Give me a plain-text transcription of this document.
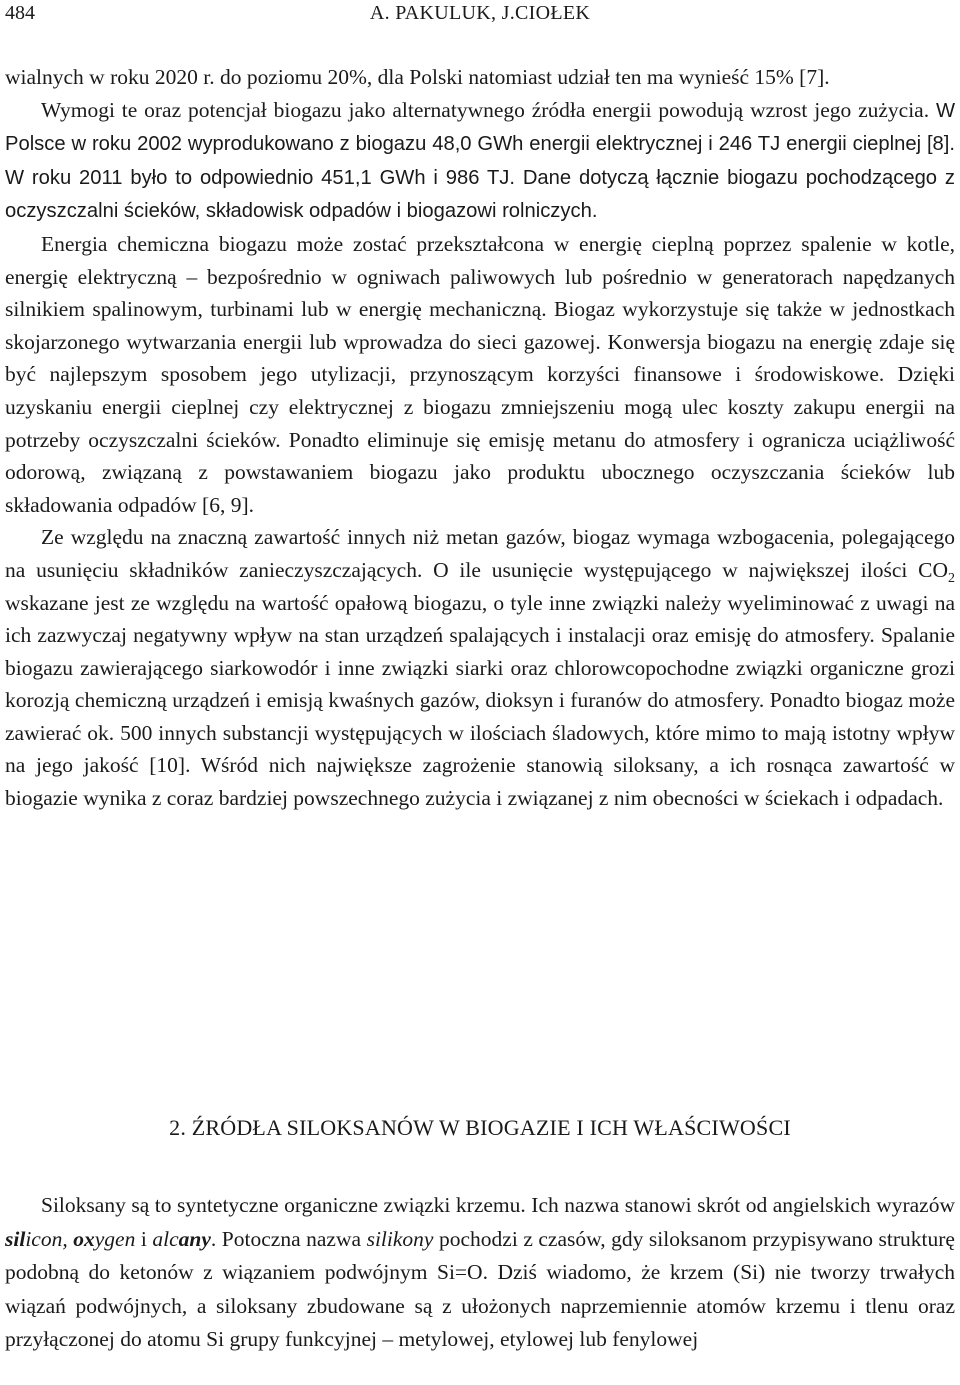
484	A. PAKULUK, J.CIOŁEK

wialnych w roku 2020 r. do poziomu 20%, dla Polski natomiast udział ten ma wynieść 15% [7].

Wymogi te oraz potencjał biogazu jako alternatywnego źródła energii powodują wzrost jego zużycia. W Polsce w roku 2002 wyprodukowano z biogazu 48,0 GWh energii elektrycznej i 246 TJ energii cieplnej [8]. W roku 2011 było to odpowiednio 451,1 GWh i 986 TJ. Dane dotyczą łącznie biogazu pochodzącego z oczyszczalni ścieków, składowisk odpadów i biogazowi rolniczych.

Energia chemiczna biogazu może zostać przekształcona w energię cieplną poprzez spalenie w kotle, energię elektryczną – bezpośrednio w ogniwach paliwowych lub pośrednio w generatorach napędzanych silnikiem spalinowym, turbinami lub w energię mechaniczną. Biogaz wykorzystuje się także w jednostkach skojarzonego wytwarzania energii lub wprowadza do sieci gazowej. Konwersja biogazu na energię zdaje się być najlepszym sposobem jego utylizacji, przynoszącym korzyści finansowe i środowiskowe. Dzięki uzyskaniu energii cieplnej czy elektrycznej z biogazu zmniejszeniu mogą ulec koszty zakupu energii na potrzeby oczyszczalni ścieków. Ponadto eliminuje się emisję metanu do atmosfery i ogranicza uciążliwość odorową, związaną z powstawaniem biogazu jako produktu ubocznego oczyszczania ścieków lub składowania odpadów [6, 9].

Ze względu na znaczną zawartość innych niż metan gazów, biogaz wymaga wzbogacenia, polegającego na usunięciu składników zanieczyszczających. O ile usunięcie występującego w największej ilości $CO_2$ wskazane jest ze względu na wartość opałową biogazu, o tyle inne związki należy wyeliminować z uwagi na ich zazwyczaj negatywny wpływ na stan urządzeń spalających i instalacji oraz emisję do atmosfery. Spalanie biogazu zawierającego siarkowodór i inne związki siarki oraz chlorowcopochodne związki organiczne grozi korozją chemiczną urządzeń i emisją kwaśnych gazów, dioksyn i furanów do atmosfery. Ponadto biogaz może zawierać ok. 500 innych substancji występujących w ilościach śladowych, które mimo to mają istotny wpływ na jego jakość [10]. Wśród nich największe zagrożenie stanowią siloksany, a ich rosnąca zawartość w biogazie wynika z coraz bardziej powszechnego zużycia i związanej z nim obecności w ściekach i odpadach.

2. ŹRÓDŁA SILOKSANÓW W BIOGAZIE I ICH WŁAŚCIWOŚCI

Siloksany są to syntetyczne organiczne związki krzemu. Ich nazwa stanowi skrót od angielskich wyrazów silicon, oxygen i alcany. Potoczna nazwa silikony pochodzi z czasów, gdy siloksanom przypisywano strukturę podobną do ketonów z wiązaniem podwójnym Si=O. Dziś wiadomo, że krzem (Si) nie tworzy trwałych wiązań podwójnych, a siloksany zbudowane są z ułożonych naprzemiennie atomów krzemu i tlenu oraz przyłączonej do atomu Si grupy funkcyjnej – metylowej, etylowej lub fenylowej
